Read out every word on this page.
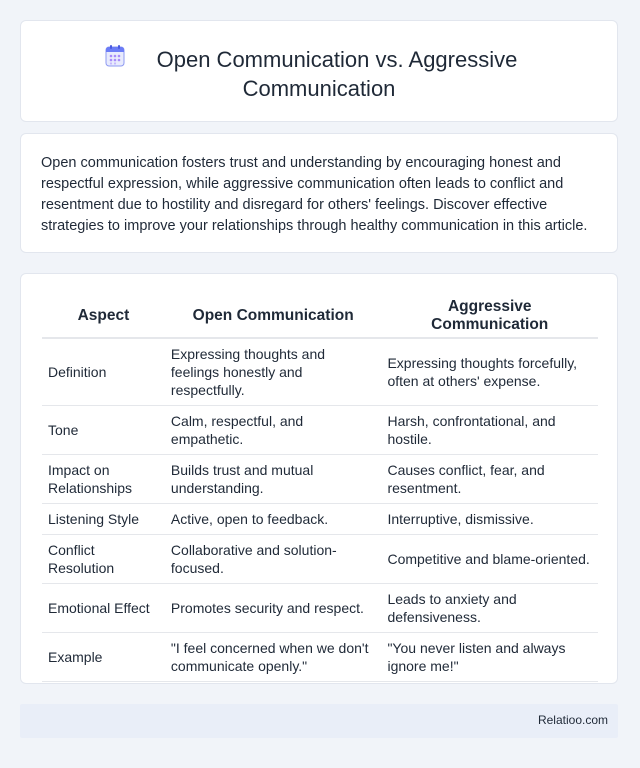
Open Communication vs. Aggressive
Communication

Open communication fosters trust and understanding by encouraging honest and respectful expression, while aggressive communication often leads to conflict and resentment due to hostility and disregard for others' feelings. Discover effective strategies to improve your relationships through healthy communication in this article.

Aspect	Open Communication	Aggressive Communication
Definition	Expressing thoughts and feelings honestly and respectfully.	Expressing thoughts forcefully, often at others' expense.
Tone	Calm, respectful, and empathetic.	Harsh, confrontational, and hostile.
Impact on Relationships	Builds trust and mutual understanding.	Causes conflict, fear, and resentment.
Listening Style	Active, open to feedback.	Interruptive, dismissive.
Conflict Resolution	Collaborative and solution-focused.	Competitive and blame-oriented.
Emotional Effect	Promotes security and respect.	Leads to anxiety and defensiveness.
Example	"I feel concerned when we don't communicate openly."	"You never listen and always ignore me!"
Relatioo.com
